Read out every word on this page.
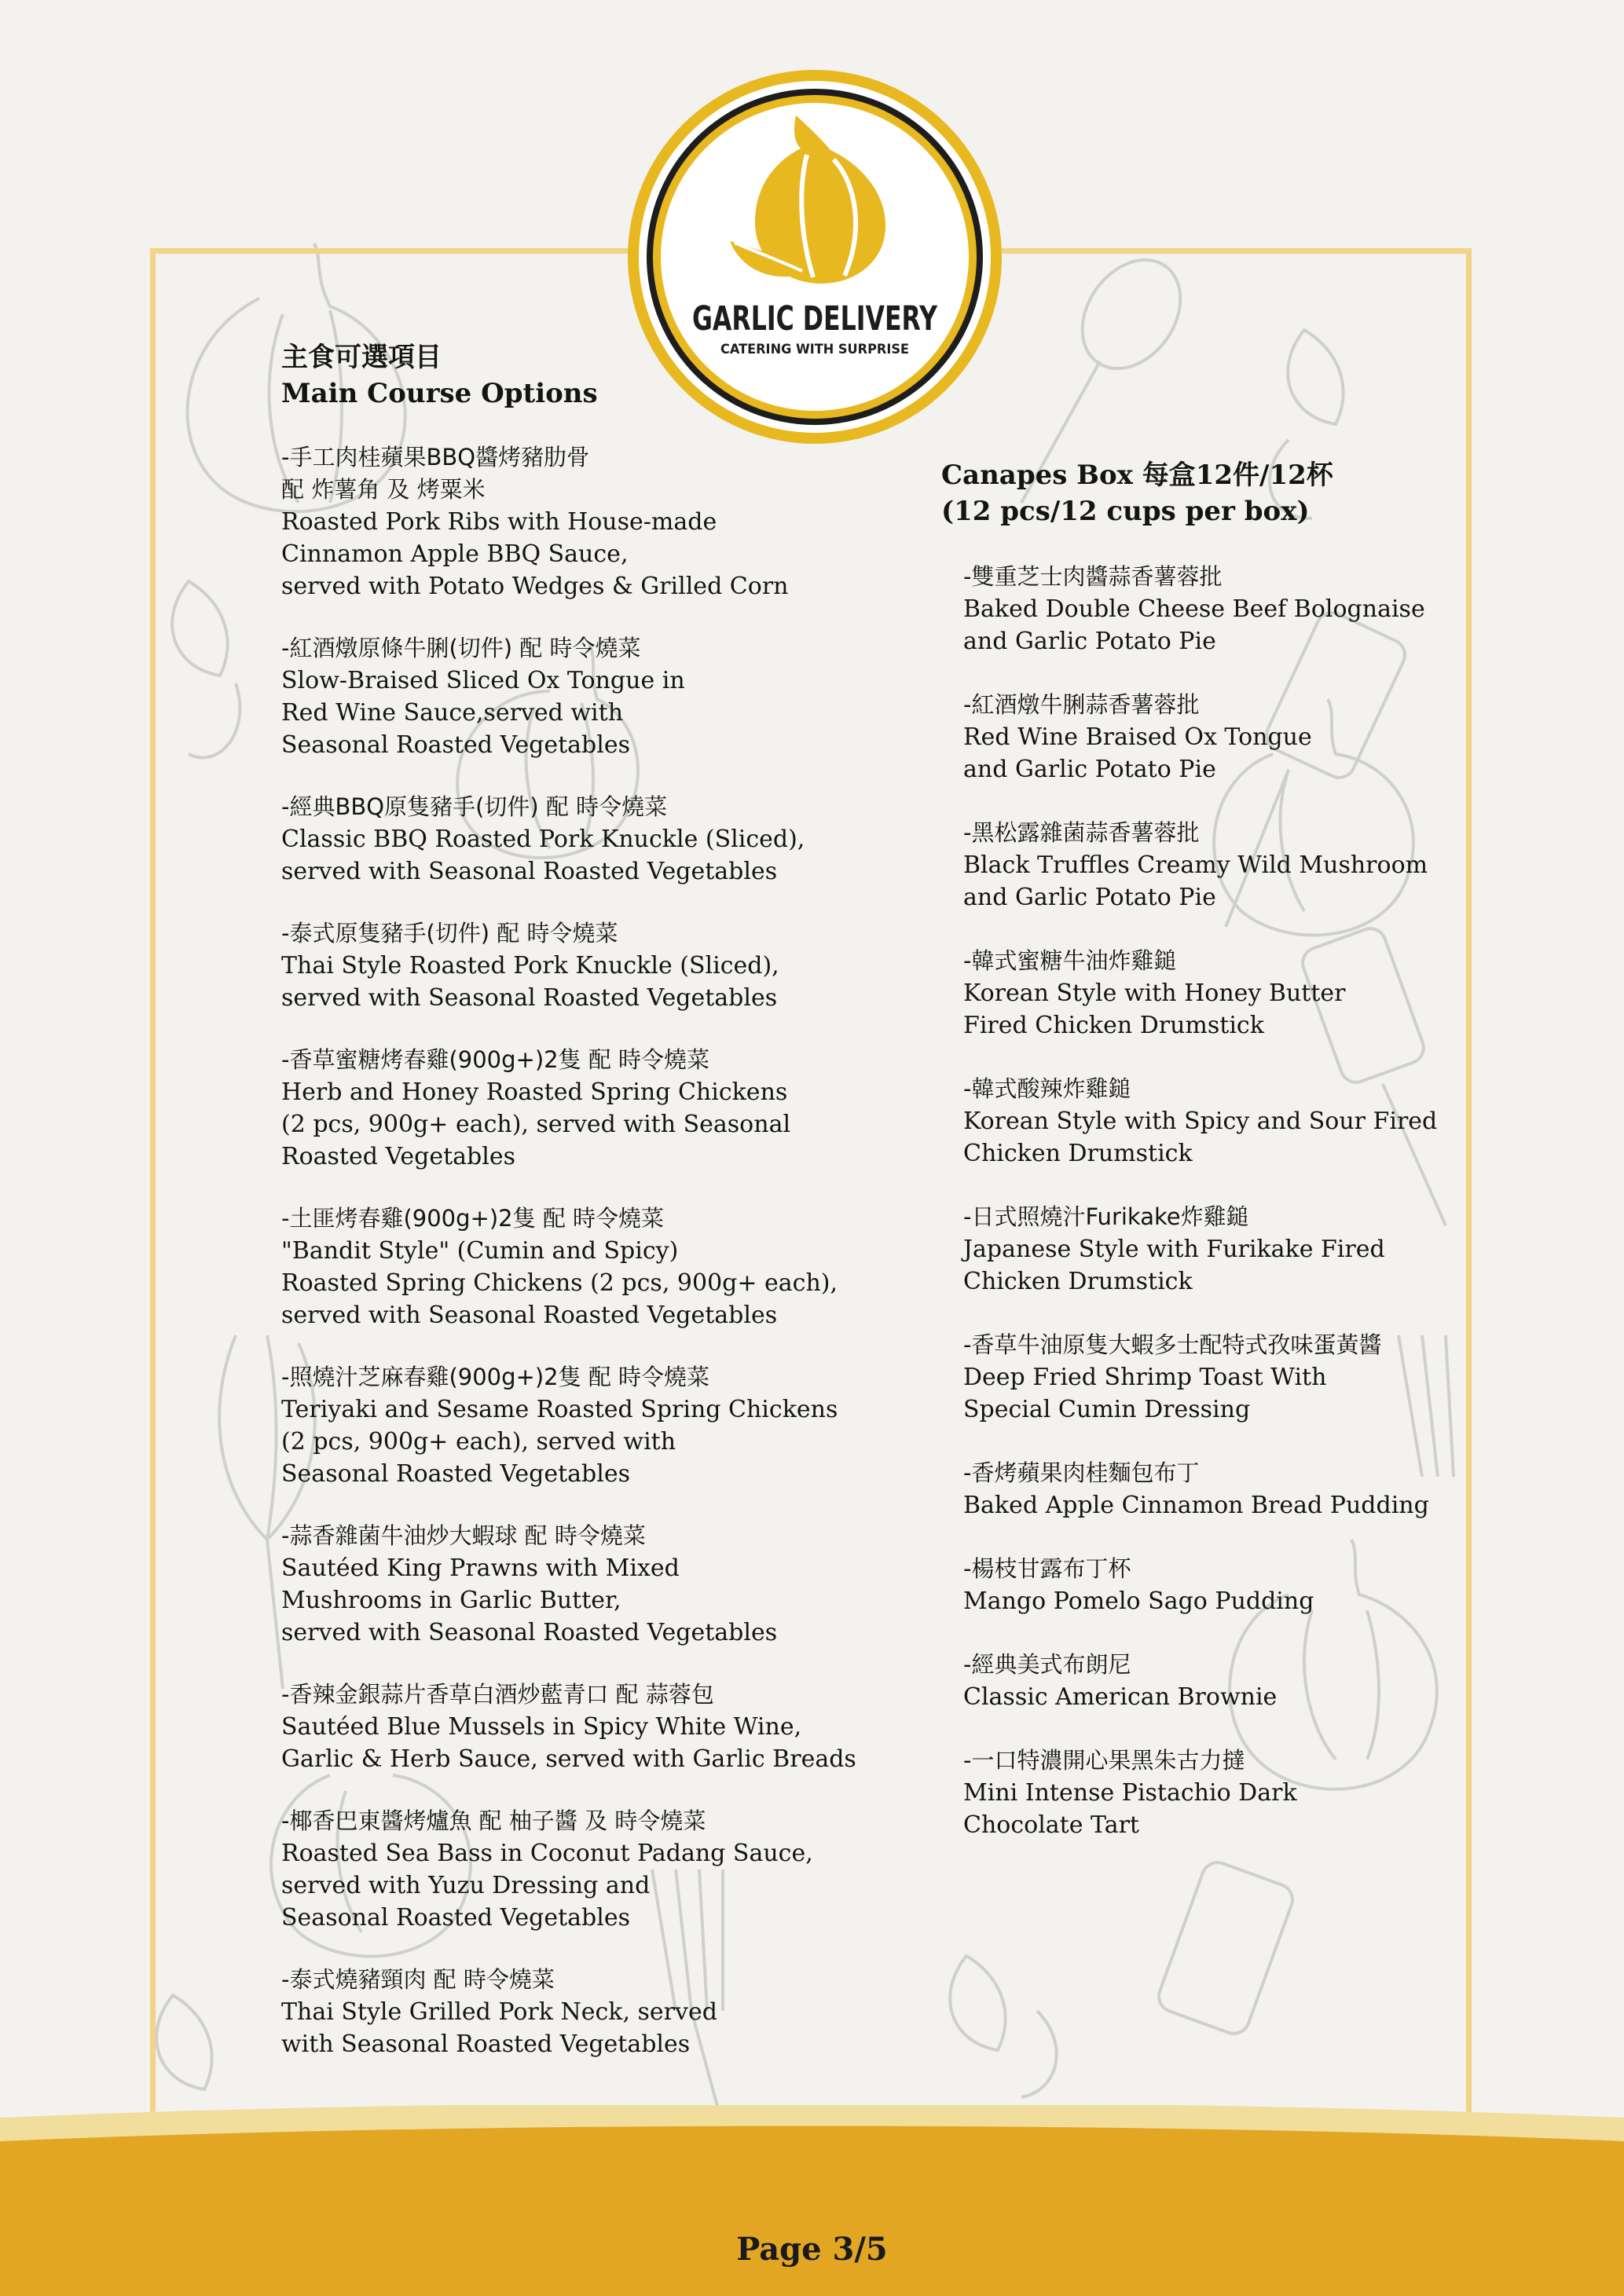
GARLIC DELIVERY
CATERING WITH SURPRISE
主食可選項目
Main Course Options
-手工肉桂蘋果BBQ醬烤豬肋骨
配 炸薯角 及 烤粟米
Roasted Pork Ribs with House-made
Cinnamon Apple BBQ Sauce,
served with Potato Wedges & Grilled Corn
-紅酒燉原條牛脷(切件) 配 時令燒菜
Slow-Braised Sliced Ox Tongue in
Red Wine Sauce,served with
Seasonal Roasted Vegetables
-經典BBQ原隻豬手(切件) 配 時令燒菜
Classic BBQ Roasted Pork Knuckle (Sliced),
served with Seasonal Roasted Vegetables
-泰式原隻豬手(切件) 配 時令燒菜
Thai Style Roasted Pork Knuckle (Sliced),
served with Seasonal Roasted Vegetables
-香草蜜糖烤春雞(900g+)2隻 配 時令燒菜
Herb and Honey Roasted Spring Chickens
(2 pcs, 900g+ each), served with Seasonal
Roasted Vegetables
-土匪烤春雞(900g+)2隻 配 時令燒菜
"Bandit Style" (Cumin and Spicy)
Roasted Spring Chickens (2 pcs, 900g+ each),
served with Seasonal Roasted Vegetables
-照燒汁芝麻春雞(900g+)2隻 配 時令燒菜
Teriyaki and Sesame Roasted Spring Chickens
(2 pcs, 900g+ each), served with
Seasonal Roasted Vegetables
-蒜香雜菌牛油炒大蝦球 配 時令燒菜
Sautéed King Prawns with Mixed
Mushrooms in Garlic Butter,
served with Seasonal Roasted Vegetables
-香辣金銀蒜片香草白酒炒藍青口 配 蒜蓉包
Sautéed Blue Mussels in Spicy White Wine,
Garlic & Herb Sauce, served with Garlic Breads
-椰香巴東醬烤爐魚 配 柚子醬 及 時令燒菜
Roasted Sea Bass in Coconut Padang Sauce,
served with Yuzu Dressing and
Seasonal Roasted Vegetables
-泰式燒豬頸肉 配 時令燒菜
Thai Style Grilled Pork Neck, served
with Seasonal Roasted Vegetables
Canapes Box 每盒12件/12杯
(12 pcs/12 cups per box)
-雙重芝士肉醬蒜香薯蓉批
Baked Double Cheese Beef Bolognaise
and Garlic Potato Pie
-紅酒燉牛脷蒜香薯蓉批
Red Wine Braised Ox Tongue
and Garlic Potato Pie
-黑松露雜菌蒜香薯蓉批
Black Truffles Creamy Wild Mushroom
and Garlic Potato Pie
-韓式蜜糖牛油炸雞鎚
Korean Style with Honey Butter
Fired Chicken Drumstick
-韓式酸辣炸雞鎚
Korean Style with Spicy and Sour Fired
Chicken Drumstick
-日式照燒汁Furikake炸雞鎚
Japanese Style with Furikake Fired
Chicken Drumstick
-香草牛油原隻大蝦多士配特式孜味蛋黃醬
Deep Fried Shrimp Toast With
Special Cumin Dressing
-香烤蘋果肉桂麵包布丁
Baked Apple Cinnamon Bread Pudding
-楊枝甘露布丁杯
Mango Pomelo Sago Pudding
-經典美式布朗尼
Classic American Brownie
-一口特濃開心果黑朱古力撻
Mini Intense Pistachio Dark
Chocolate Tart
Page 3/5
